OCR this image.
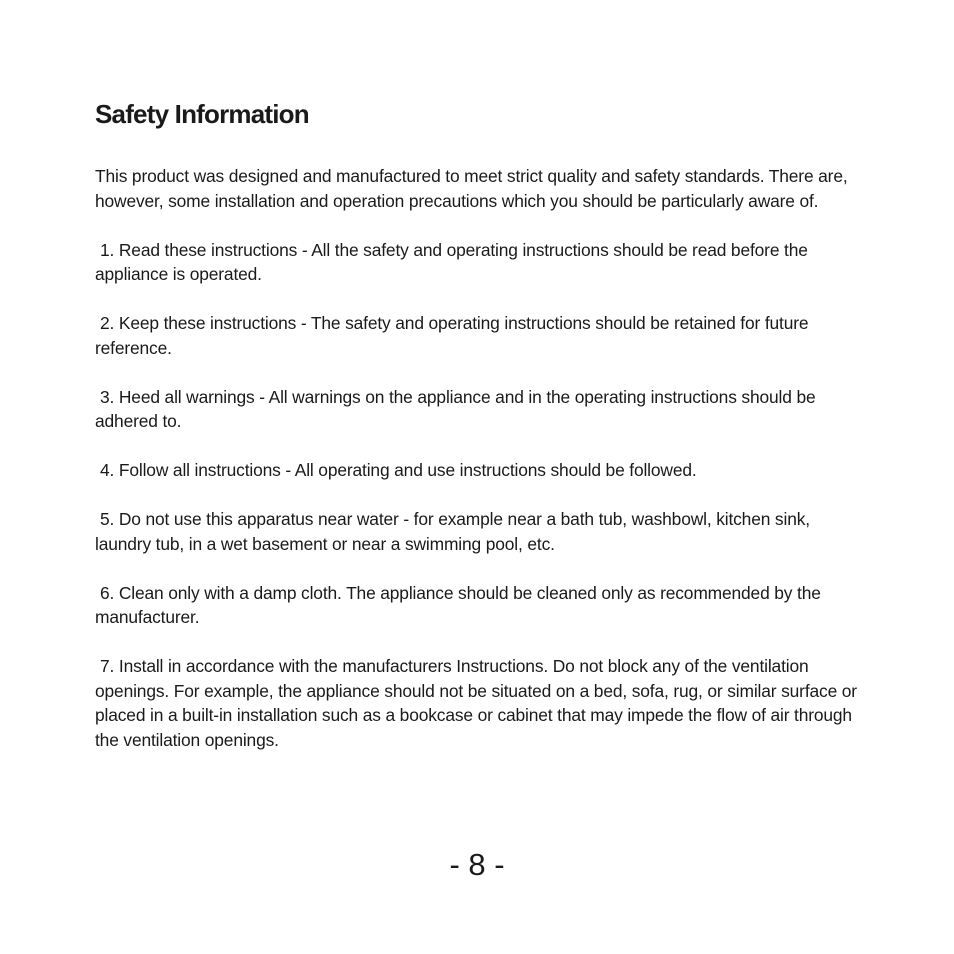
Safety Information

This product was designed and manufactured to meet strict quality and safety standards. There are, however, some installation and operation precautions which you should be particularly aware of.

1. Read these instructions - All the safety and operating instructions should be read before the appliance is operated.

2. Keep these instructions - The safety and operating instructions should be retained for future reference.

3. Heed all warnings - All warnings on the appliance and in the operating instructions should be adhered to.

4. Follow all instructions - All operating and use instructions should be followed.

5. Do not use this apparatus near water - for example near a bath tub, washbowl, kitchen sink, laundry tub, in a wet basement or near a swimming pool, etc.

6. Clean only with a damp cloth. The appliance should be cleaned only as recommended by the manufacturer.

7. Install in accordance with the manufacturers Instructions. Do not block any of the ventilation openings. For example, the appliance should not be situated on a bed, sofa, rug, or similar surface or placed in a built-in installation such as a bookcase or cabinet that may impede the flow of air through the ventilation openings.

- 8 -
